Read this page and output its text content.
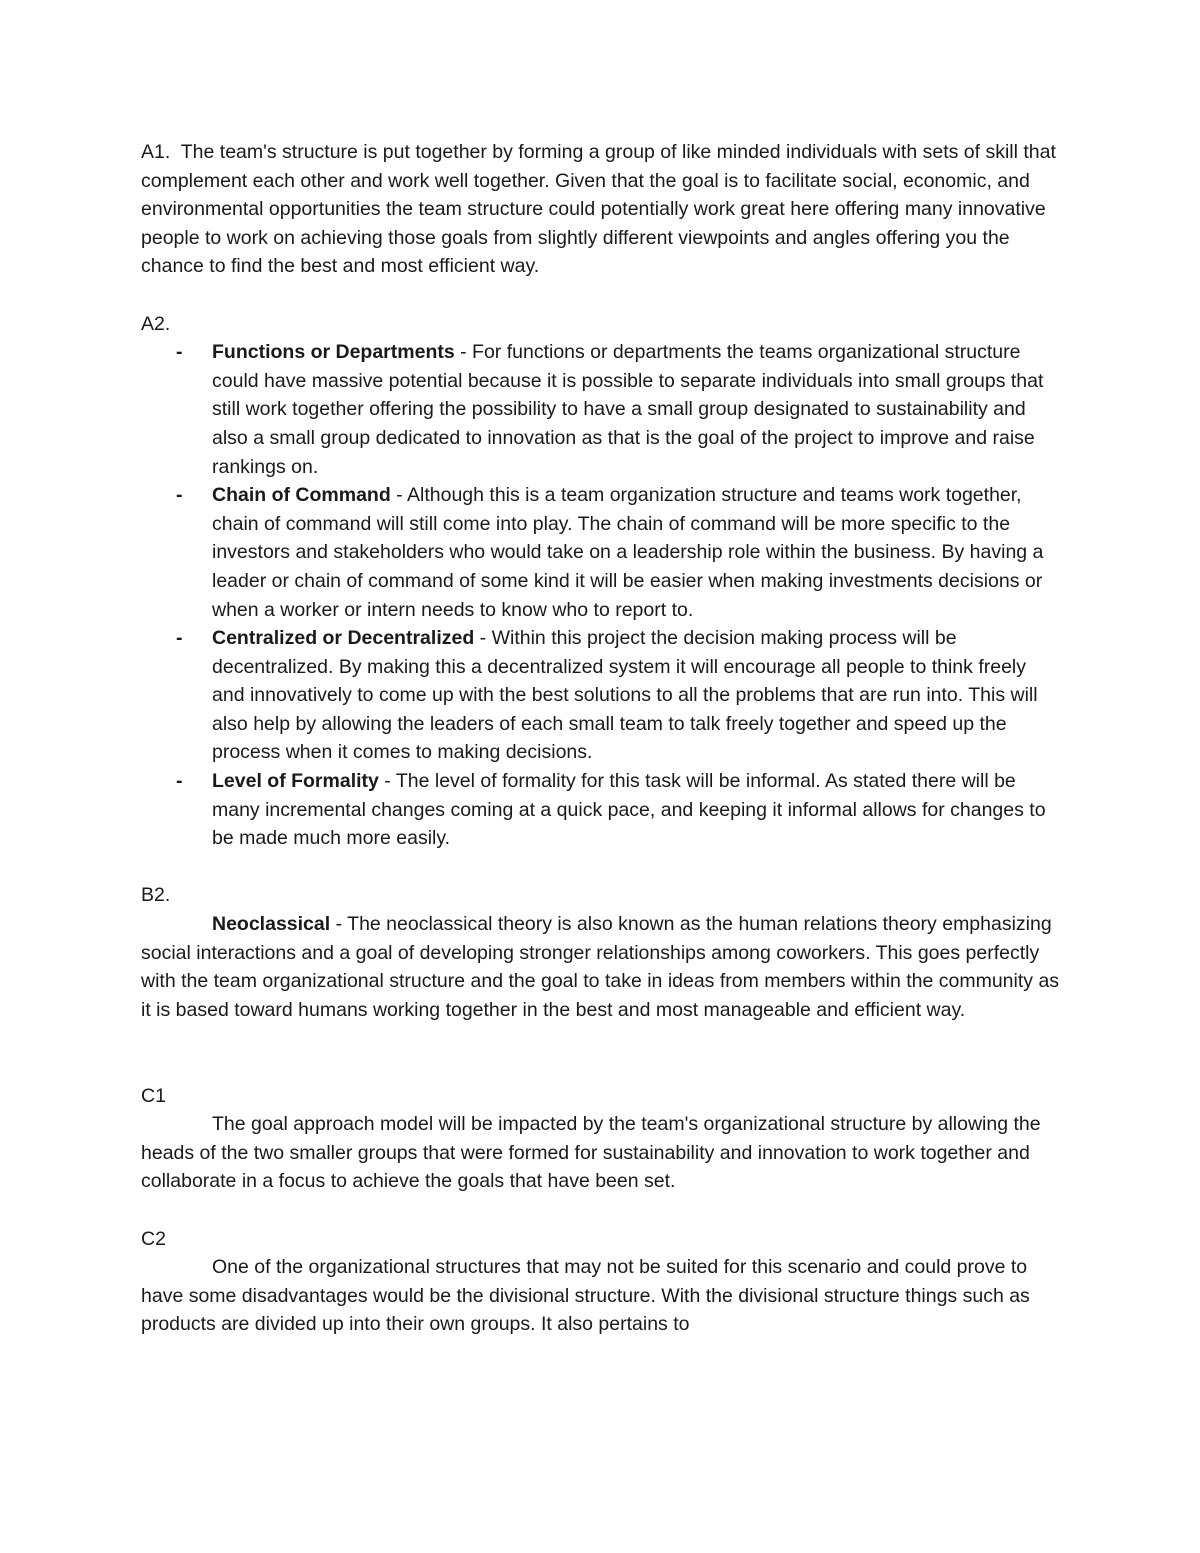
A1. The team's structure is put together by forming a group of like minded individuals with sets of skill that complement each other and work well together. Given that the goal is to facilitate social, economic, and environmental opportunities the team structure could potentially work great here offering many innovative people to work on achieving those goals from slightly different viewpoints and angles offering you the chance to find the best and most efficient way.

A2.

- Functions or Departments - For functions or departments the teams organizational structure could have massive potential because it is possible to separate individuals into small groups that still work together offering the possibility to have a small group designated to sustainability and also a small group dedicated to innovation as that is the goal of the project to improve and raise rankings on.
- Chain of Command - Although this is a team organization structure and teams work together, chain of command will still come into play. The chain of command will be more specific to the investors and stakeholders who would take on a leadership role within the business. By having a leader or chain of command of some kind it will be easier when making investments decisions or when a worker or intern needs to know who to report to.
- Centralized or Decentralized - Within this project the decision making process will be decentralized. By making this a decentralized system it will encourage all people to think freely and innovatively to come up with the best solutions to all the problems that are run into. This will also help by allowing the leaders of each small team to talk freely together and speed up the process when it comes to making decisions.
- Level of Formality - The level of formality for this task will be informal. As stated there will be many incremental changes coming at a quick pace, and keeping it informal allows for changes to be made much more easily.

B2.

Neoclassical - The neoclassical theory is also known as the human relations theory emphasizing social interactions and a goal of developing stronger relationships among coworkers. This goes perfectly with the team organizational structure and the goal to take in ideas from members within the community as it is based toward humans working together in the best and most manageable and efficient way.

C1

The goal approach model will be impacted by the team's organizational structure by allowing the heads of the two smaller groups that were formed for sustainability and innovation to work together and collaborate in a focus to achieve the goals that have been set.

C2

One of the organizational structures that may not be suited for this scenario and could prove to have some disadvantages would be the divisional structure. With the divisional structure things such as products are divided up into their own groups. It also pertains to
